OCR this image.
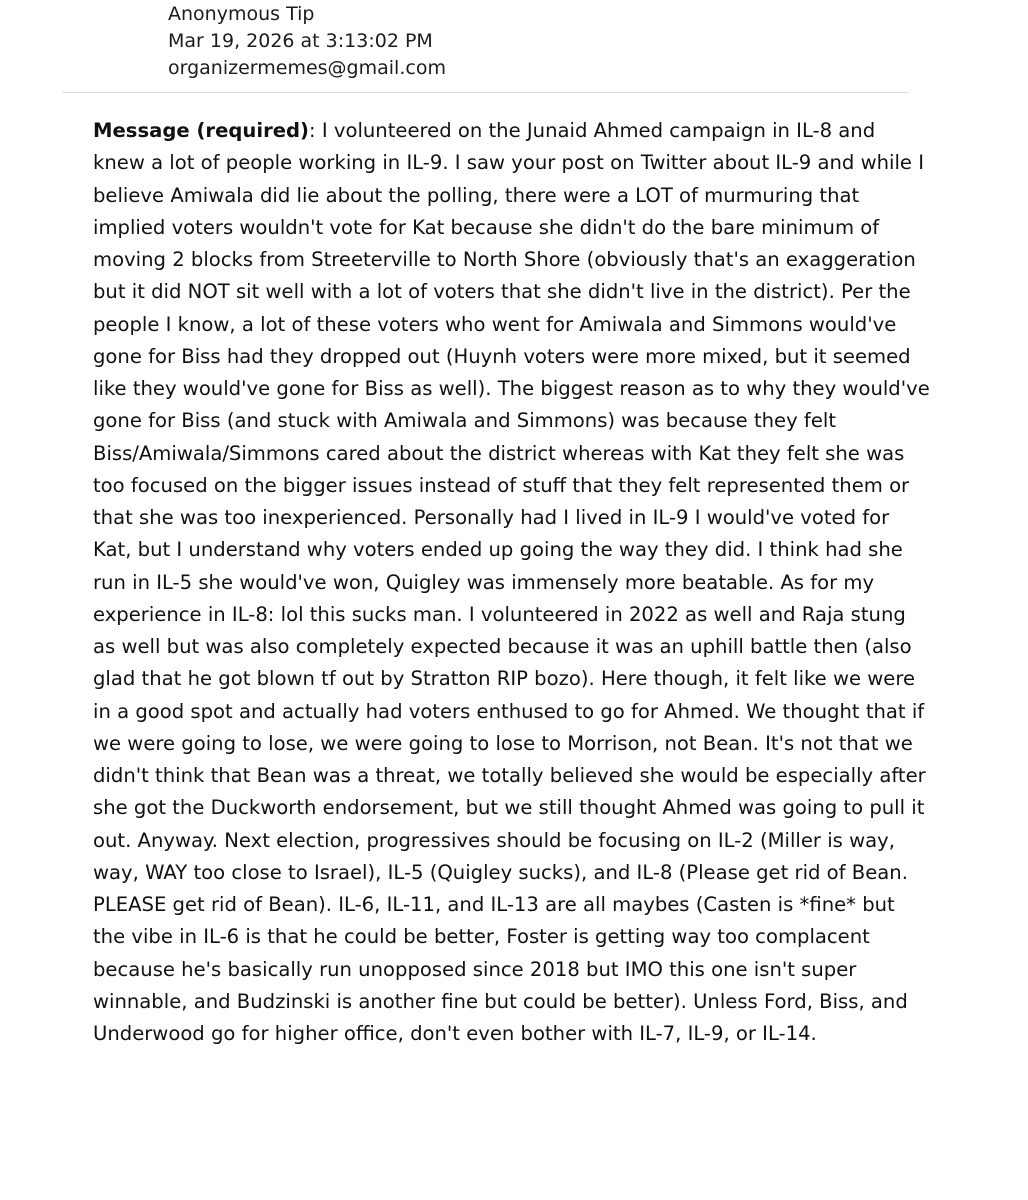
Anonymous Tip
Mar 19, 2026 at 3:13:02 PM
organizermemes@gmail.com

Message (required): I volunteered on the Junaid Ahmed campaign in IL-8 and knew a lot of people working in IL-9. I saw your post on Twitter about IL-9 and while I believe Amiwala did lie about the polling, there were a LOT of murmuring that implied voters wouldn't vote for Kat because she didn't do the bare minimum of moving 2 blocks from Streeterville to North Shore (obviously that's an exaggeration but it did NOT sit well with a lot of voters that she didn't live in the district). Per the people I know, a lot of these voters who went for Amiwala and Simmons would've gone for Biss had they dropped out (Huynh voters were more mixed, but it seemed like they would've gone for Biss as well). The biggest reason as to why they would've gone for Biss (and stuck with Amiwala and Simmons) was because they felt Biss/Amiwala/Simmons cared about the district whereas with Kat they felt she was too focused on the bigger issues instead of stuff that they felt represented them or that she was too inexperienced. Personally had I lived in IL-9 I would've voted for Kat, but I understand why voters ended up going the way they did. I think had she run in IL-5 she would've won, Quigley was immensely more beatable. As for my experience in IL-8: lol this sucks man. I volunteered in 2022 as well and Raja stung as well but was also completely expected because it was an uphill battle then (also glad that he got blown tf out by Stratton RIP bozo). Here though, it felt like we were in a good spot and actually had voters enthused to go for Ahmed. We thought that if we were going to lose, we were going to lose to Morrison, not Bean. It's not that we didn't think that Bean was a threat, we totally believed she would be especially after she got the Duckworth endorsement, but we still thought Ahmed was going to pull it out. Anyway. Next election, progressives should be focusing on IL-2 (Miller is way, way, WAY too close to Israel), IL-5 (Quigley sucks), and IL-8 (Please get rid of Bean. PLEASE get rid of Bean). IL-6, IL-11, and IL-13 are all maybes (Casten is *fine* but the vibe in IL-6 is that he could be better, Foster is getting way too complacent because he's basically run unopposed since 2018 but IMO this one isn't super winnable, and Budzinski is another fine but could be better). Unless Ford, Biss, and Underwood go for higher office, don't even bother with IL-7, IL-9, or IL-14.
